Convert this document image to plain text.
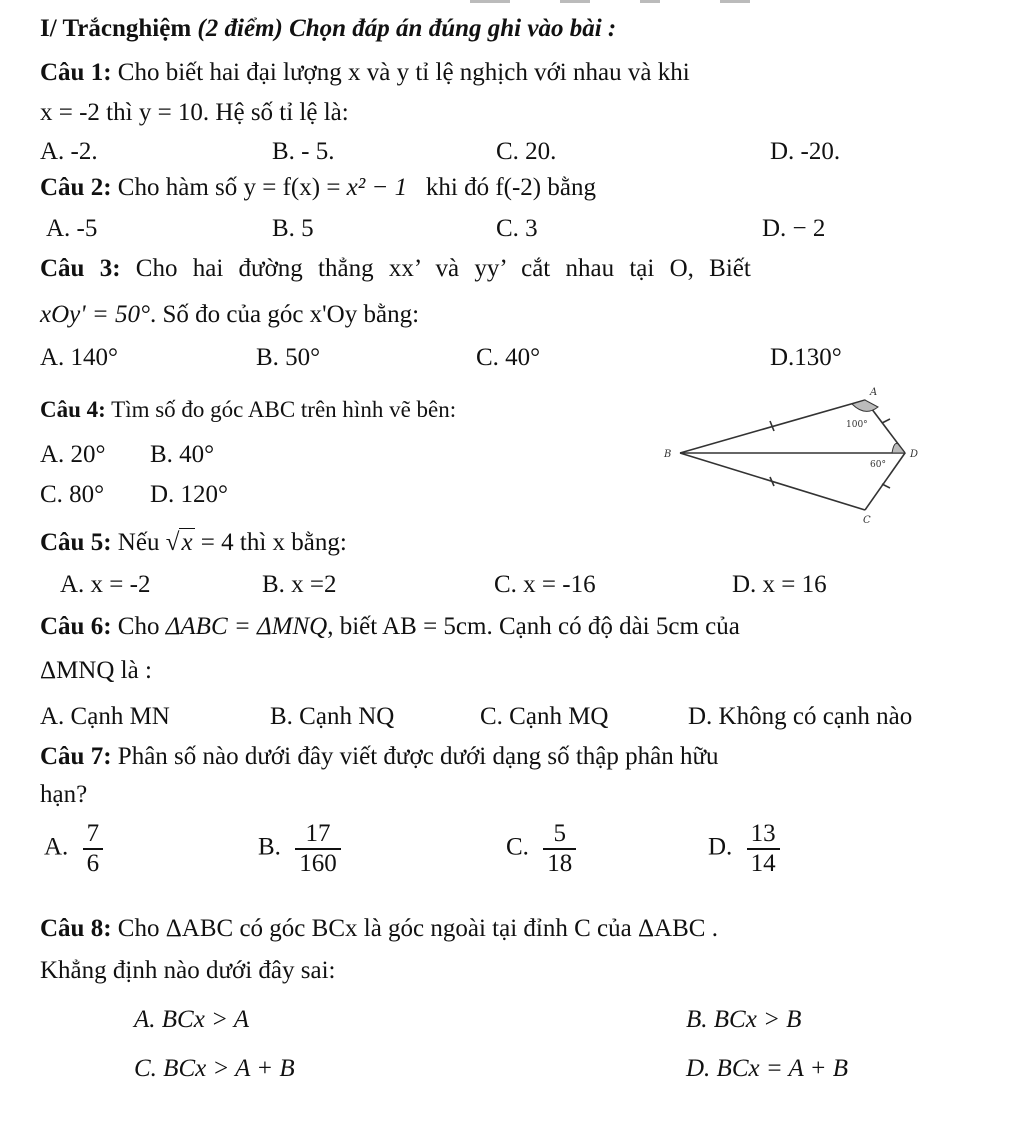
I/ Trắcnghiệm (2 điểm) Chọn đáp án đúng ghi vào bài :
Câu 1: Cho biết hai đại lượng x và y tỉ lệ nghịch với nhau và khi
x = -2 thì y = 10. Hệ số tỉ lệ là:
A. -2.	B. - 5.	C. 20.	D. -20.
Câu 2: Cho hàm số y = f(x) = x² − 1 khi đó f(-2) bằng
A. -5	B. 5	C. 3	D. − 2
Câu 3: Cho hai đường thẳng xx’ và yy’ cắt nhau tại O, Biết
xOy' = 50°. Số đo của góc x'Oy bằng:
A. 140°	B. 50°	C. 40°	D.130°
Câu 4: Tìm số đo góc ABC trên hình vẽ bên:
A. 20° B. 40°
C. 80° D. 120°
A
B
C
D
100°
60°
Câu 5: Nếu √x = 4 thì x bằng:
A. x = -2	B. x =2	C. x = -16	D. x = 16
Câu 6: Cho ΔABC = ΔMNQ, biết AB = 5cm. Cạnh có độ dài 5cm của
ΔMNQ là :
A. Cạnh MN	B. Cạnh NQ	C. Cạnh MQ	D. Không có cạnh nào
Câu 7: Phân số nào dưới đây viết được dưới dạng số thập phân hữu
hạn?
A. $\frac{7}{6}$	B. $\frac{17}{160}$	C. $\frac{5}{18}$	D. $\frac{13}{14}$
Câu 8: Cho ΔABC có góc BCx là góc ngoài tại đỉnh C của ΔABC .
Khẳng định nào dưới đây sai:
A. BCx > A	B. BCx > B
C. BCx > A + B	D. BCx = A + B
